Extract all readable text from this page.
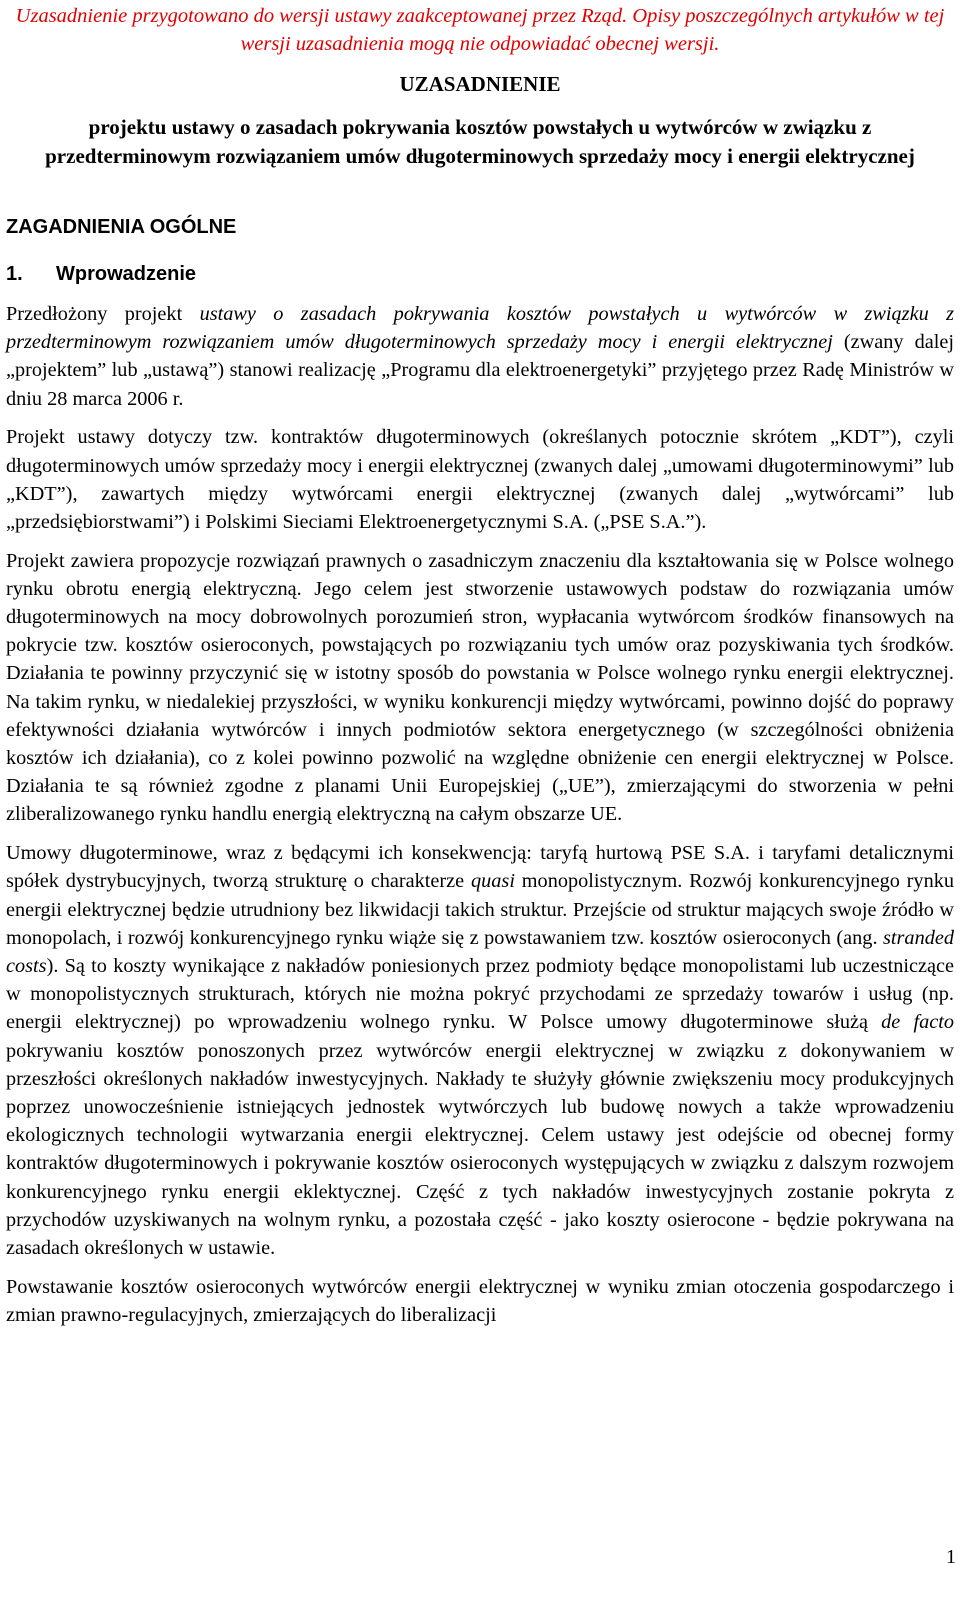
Uzasadnienie przygotowano do wersji ustawy zaakceptowanej przez Rząd. Opisy poszczególnych artykułów w tej wersji uzasadnienia mogą nie odpowiadać obecnej wersji.
UZASADNIENIE
projektu ustawy o zasadach pokrywania kosztów powstałych u wytwórców w związku z przedterminowym rozwiązaniem umów długoterminowych sprzedaży mocy i energii elektrycznej
ZAGADNIENIA OGÓLNE
1. Wprowadzenie

Przedłożony projekt ustawy o zasadach pokrywania kosztów powstałych u wytwórców w związku z przedterminowym rozwiązaniem umów długoterminowych sprzedaży mocy i energii elektrycznej (zwany dalej „projektem” lub „ustawą”) stanowi realizację „Programu dla elektroenergetyki” przyjętego przez Radę Ministrów w dniu 28 marca 2006 r.

Projekt ustawy dotyczy tzw. kontraktów długoterminowych (określanych potocznie skrótem „KDT”), czyli długoterminowych umów sprzedaży mocy i energii elektrycznej (zwanych dalej „umowami długoterminowymi” lub „KDT”), zawartych między wytwórcami energii elektrycznej (zwanych dalej „wytwórcami” lub „przedsiębiorstwami”) i Polskimi Sieciami Elektroenergetycznymi S.A. („PSE S.A.”).

Projekt zawiera propozycje rozwiązań prawnych o zasadniczym znaczeniu dla kształtowania się w Polsce wolnego rynku obrotu energią elektryczną. Jego celem jest stworzenie ustawowych podstaw do rozwiązania umów długoterminowych na mocy dobrowolnych porozumień stron, wypłacania wytwórcom środków finansowych na pokrycie tzw. kosztów osieroconych, powstających po rozwiązaniu tych umów oraz pozyskiwania tych środków. Działania te powinny przyczynić się w istotny sposób do powstania w Polsce wolnego rynku energii elektrycznej. Na takim rynku, w niedalekiej przyszłości, w wyniku konkurencji między wytwórcami, powinno dojść do poprawy efektywności działania wytwórców i innych podmiotów sektora energetycznego (w szczególności obniżenia kosztów ich działania), co z kolei powinno pozwolić na względne obniżenie cen energii elektrycznej w Polsce. Działania te są również zgodne z planami Unii Europejskiej („UE”), zmierzającymi do stworzenia w pełni zliberalizowanego rynku handlu energią elektryczną na całym obszarze UE.

Umowy długoterminowe, wraz z będącymi ich konsekwencją: taryfą hurtową PSE S.A. i taryfami detalicznymi spółek dystrybucyjnych, tworzą strukturę o charakterze quasi monopolistycznym. Rozwój konkurencyjnego rynku energii elektrycznej będzie utrudniony bez likwidacji takich struktur. Przejście od struktur mających swoje źródło w monopolach, i rozwój konkurencyjnego rynku wiąże się z powstawaniem tzw. kosztów osieroconych (ang. stranded costs). Są to koszty wynikające z nakładów poniesionych przez podmioty będące monopolistami lub uczestniczące w monopolistycznych strukturach, których nie można pokryć przychodami ze sprzedaży towarów i usług (np. energii elektrycznej) po wprowadzeniu wolnego rynku. W Polsce umowy długoterminowe służą de facto pokrywaniu kosztów ponoszonych przez wytwórców energii elektrycznej w związku z dokonywaniem w przeszłości określonych nakładów inwestycyjnych. Nakłady te służyły głównie zwiększeniu mocy produkcyjnych poprzez unowocześnienie istniejących jednostek wytwórczych lub budowę nowych a także wprowadzeniu ekologicznych technologii wytwarzania energii elektrycznej. Celem ustawy jest odejście od obecnej formy kontraktów długoterminowych i pokrywanie kosztów osieroconych występujących w związku z dalszym rozwojem konkurencyjnego rynku energii eklektycznej. Część z tych nakładów inwestycyjnych zostanie pokryta z przychodów uzyskiwanych na wolnym rynku, a pozostała część - jako koszty osierocone - będzie pokrywana na zasadach określonych w ustawie.

Powstawanie kosztów osieroconych wytwórców energii elektrycznej w wyniku zmian otoczenia gospodarczego i zmian prawno-regulacyjnych, zmierzających do liberalizacji

1
